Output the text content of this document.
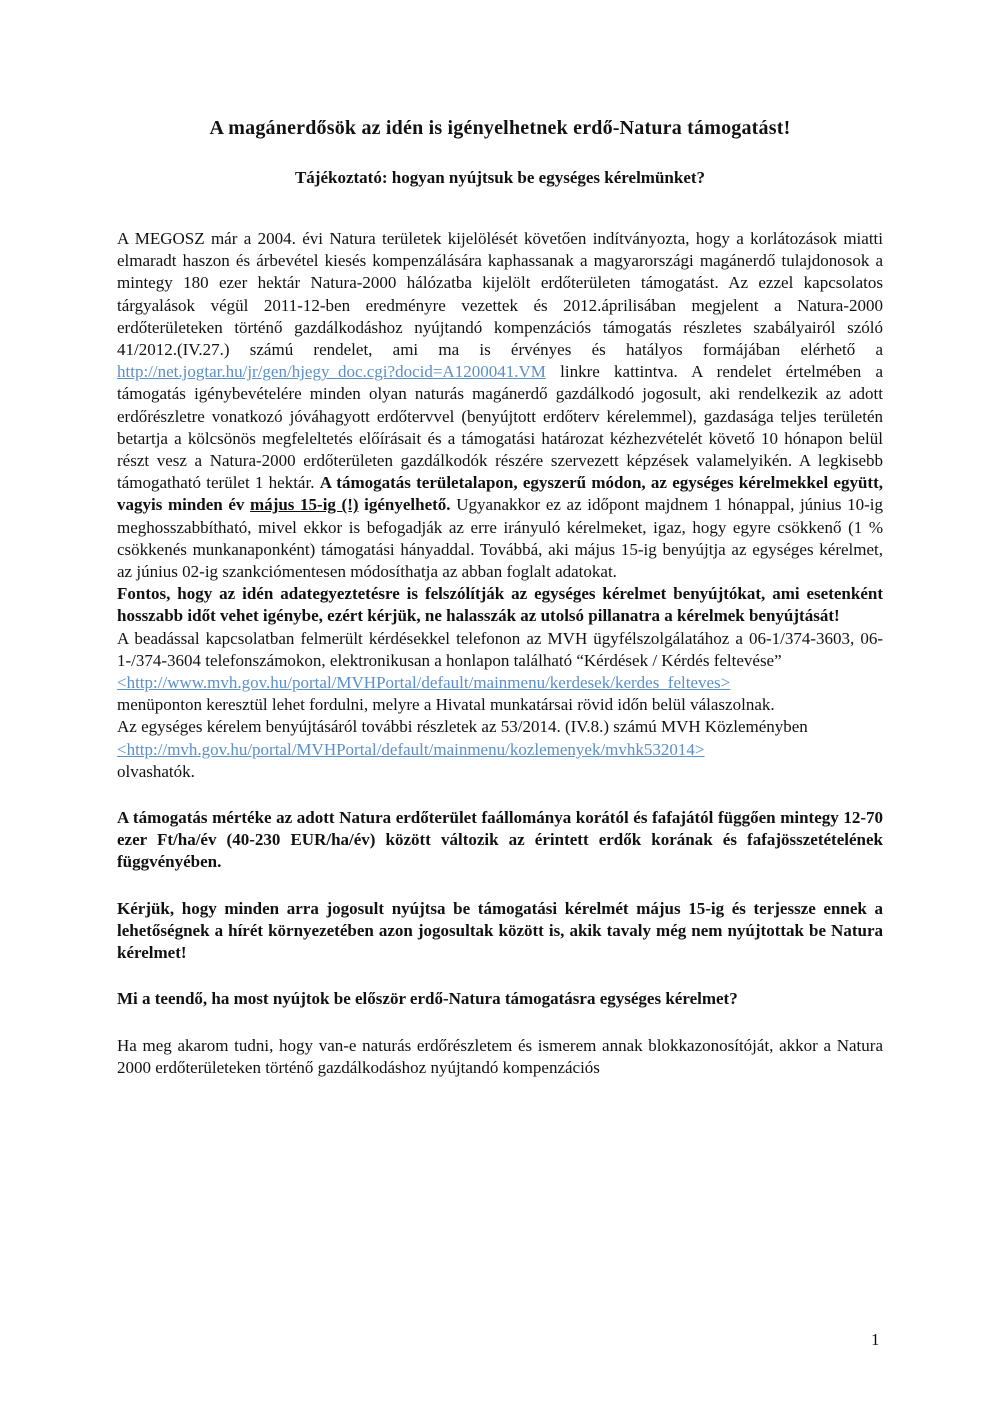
A magánerdősök az idén is igényelhetnek erdő-Natura támogatást!
Tájékoztató: hogyan nyújtsuk be egységes kérelmünket?

A MEGOSZ már a 2004. évi Natura területek kijelölését követően indítványozta, hogy a korlátozások miatti elmaradt haszon és árbevétel kiesés kompenzálására kaphassanak a magyarországi magánerdő tulajdonosok a mintegy 180 ezer hektár Natura-2000 hálózatba kijelölt erdőterületen támogatást. Az ezzel kapcsolatos tárgyalások végül 2011-12-ben eredményre vezettek és 2012.áprilisában megjelent a Natura-2000 erdőterületeken történő gazdálkodáshoz nyújtandó kompenzációs támogatás részletes szabályairól szóló 41/2012.(IV.27.) számú rendelet, ami ma is érvényes és hatályos formájában elérhető a http://net.jogtar.hu/jr/gen/hjegy_doc.cgi?docid=A1200041.VM linkre kattintva. A rendelet értelmében a támogatás igénybevételére minden olyan naturás magánerdő gazdálkodó jogosult, aki rendelkezik az adott erdőrészletre vonatkozó jóváhagyott erdőtervvel (benyújtott erdőterv kérelemmel), gazdasága teljes területén betartja a kölcsönös megfeleltetés előírásait és a támogatási határozat kézhezvételét követő 10 hónapon belül részt vesz a Natura-2000 erdőterületen gazdálkodók részére szervezett képzések valamelyikén. A legkisebb támogatható terület 1 hektár. A támogatás területalapon, egyszerű módon, az egységes kérelmekkel együtt, vagyis minden év május 15-ig (!) igényelhető. Ugyanakkor ez az időpont majdnem 1 hónappal, június 10-ig meghosszabbítható, mivel ekkor is befogadják az erre irányuló kérelmeket, igaz, hogy egyre csökkenő (1 % csökkenés munkanaponként) támogatási hányaddal. Továbbá, aki május 15-ig benyújtja az egységes kérelmet, az június 02-ig szankciómentesen módosíthatja az abban foglalt adatokat.

Fontos, hogy az idén adategyeztetésre is felszólítják az egységes kérelmet benyújtókat, ami esetenként hosszabb időt vehet igénybe, ezért kérjük, ne halasszák az utolsó pillanatra a kérelmek benyújtását!

A beadással kapcsolatban felmerült kérdésekkel telefonon az MVH ügyfélszolgálatához a 06-1/374-3603, 06-1-/374-3604 telefonszámokon, elektronikusan a honlapon található “Kérdések / Kérdés feltevése”
<http://www.mvh.gov.hu/portal/MVHPortal/default/mainmenu/kerdesek/kerdes_felteves>
menüponton keresztül lehet fordulni, melyre a Hivatal munkatársai rövid időn belül válaszolnak.

Az egységes kérelem benyújtásáról további részletek az 53/2014. (IV.8.) számú MVH Közleményben
<http://mvh.gov.hu/portal/MVHPortal/default/mainmenu/kozlemenyek/mvhk532014>
olvashatók.

A támogatás mértéke az adott Natura erdőterület faállománya korától és fafajától függően mintegy 12-70 ezer Ft/ha/év (40-230 EUR/ha/év) között változik az érintett erdők korának és fafajösszetételének függvényében.

Kérjük, hogy minden arra jogosult nyújtsa be támogatási kérelmét május 15-ig és terjessze ennek a lehetőségnek a hírét környezetében azon jogosultak között is, akik tavaly még nem nyújtottak be Natura kérelmet!

Mi a teendő, ha most nyújtok be először erdő-Natura támogatásra egységes kérelmet?

Ha meg akarom tudni, hogy van-e naturás erdőrészletem és ismerem annak blokkazonosítóját, akkor a Natura 2000 erdőterületeken történő gazdálkodáshoz nyújtandó kompenzációs

1
